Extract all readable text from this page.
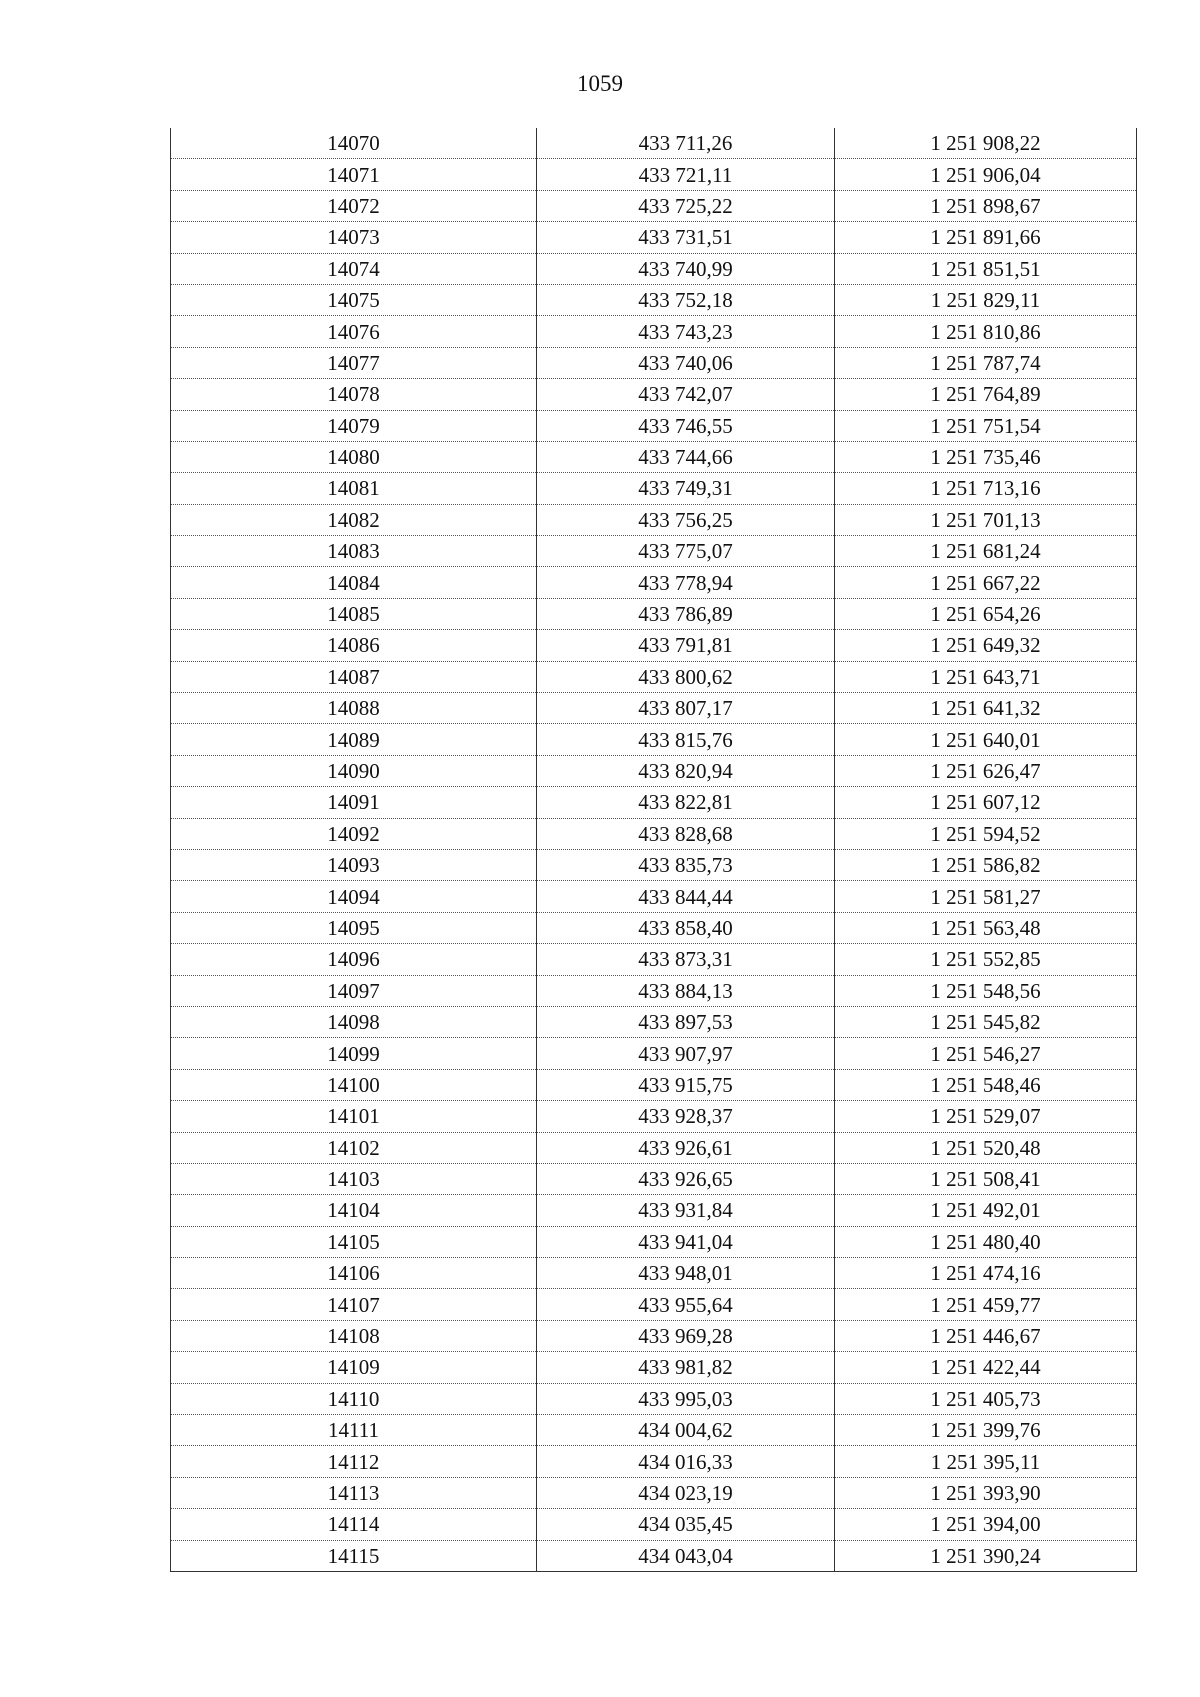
1059
14070	433 711,26	1 251 908,22
14071	433 721,11	1 251 906,04
14072	433 725,22	1 251 898,67
14073	433 731,51	1 251 891,66
14074	433 740,99	1 251 851,51
14075	433 752,18	1 251 829,11
14076	433 743,23	1 251 810,86
14077	433 740,06	1 251 787,74
14078	433 742,07	1 251 764,89
14079	433 746,55	1 251 751,54
14080	433 744,66	1 251 735,46
14081	433 749,31	1 251 713,16
14082	433 756,25	1 251 701,13
14083	433 775,07	1 251 681,24
14084	433 778,94	1 251 667,22
14085	433 786,89	1 251 654,26
14086	433 791,81	1 251 649,32
14087	433 800,62	1 251 643,71
14088	433 807,17	1 251 641,32
14089	433 815,76	1 251 640,01
14090	433 820,94	1 251 626,47
14091	433 822,81	1 251 607,12
14092	433 828,68	1 251 594,52
14093	433 835,73	1 251 586,82
14094	433 844,44	1 251 581,27
14095	433 858,40	1 251 563,48
14096	433 873,31	1 251 552,85
14097	433 884,13	1 251 548,56
14098	433 897,53	1 251 545,82
14099	433 907,97	1 251 546,27
14100	433 915,75	1 251 548,46
14101	433 928,37	1 251 529,07
14102	433 926,61	1 251 520,48
14103	433 926,65	1 251 508,41
14104	433 931,84	1 251 492,01
14105	433 941,04	1 251 480,40
14106	433 948,01	1 251 474,16
14107	433 955,64	1 251 459,77
14108	433 969,28	1 251 446,67
14109	433 981,82	1 251 422,44
14110	433 995,03	1 251 405,73
14111	434 004,62	1 251 399,76
14112	434 016,33	1 251 395,11
14113	434 023,19	1 251 393,90
14114	434 035,45	1 251 394,00
14115	434 043,04	1 251 390,24
